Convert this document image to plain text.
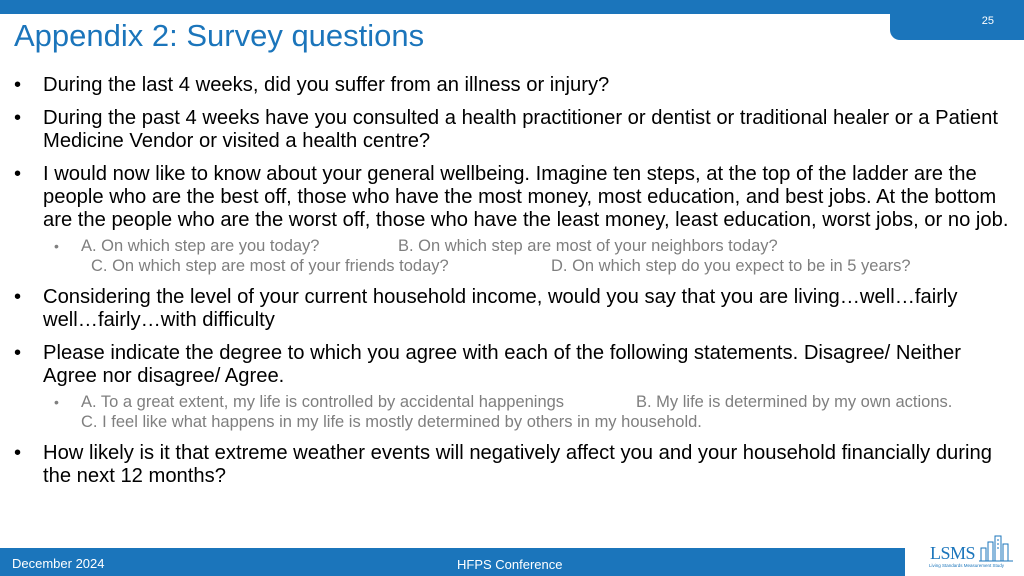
25
Appendix 2: Survey questions
• During the last 4 weeks, did you suffer from an illness or injury?
• During the past 4 weeks have you consulted a health practitioner or dentist or traditional healer or a Patient Medicine Vendor or visited a health centre?
• I would now like to know about your general wellbeing. Imagine ten steps, at the top of the ladder are the people who are the best off, those who have the most money, most education, and best jobs. At the bottom are the people who are the worst off, those who have the least money, least education, worst jobs, or no job.
• A. On which step are you today?	B. On which step are most of your neighbors today?
C. On which step are most of your friends today?	D. On which step do you expect to be in 5 years?
• Considering the level of your current household income, would you say that you are living…well…fairly well…fairly…with difficulty
• Please indicate the degree to which you agree with each of the following statements. Disagree/ Neither Agree nor disagree/ Agree.
• A. To a great extent, my life is controlled by accidental happenings	B. My life is determined by my own actions.
C. I feel like what happens in my life is mostly determined by others in my household.
• How likely is it that extreme weather events will negatively affect you and your household financially during the next 12 months?
December 2024	HFPS Conference
LSMS
Living Standards Measurement Study
